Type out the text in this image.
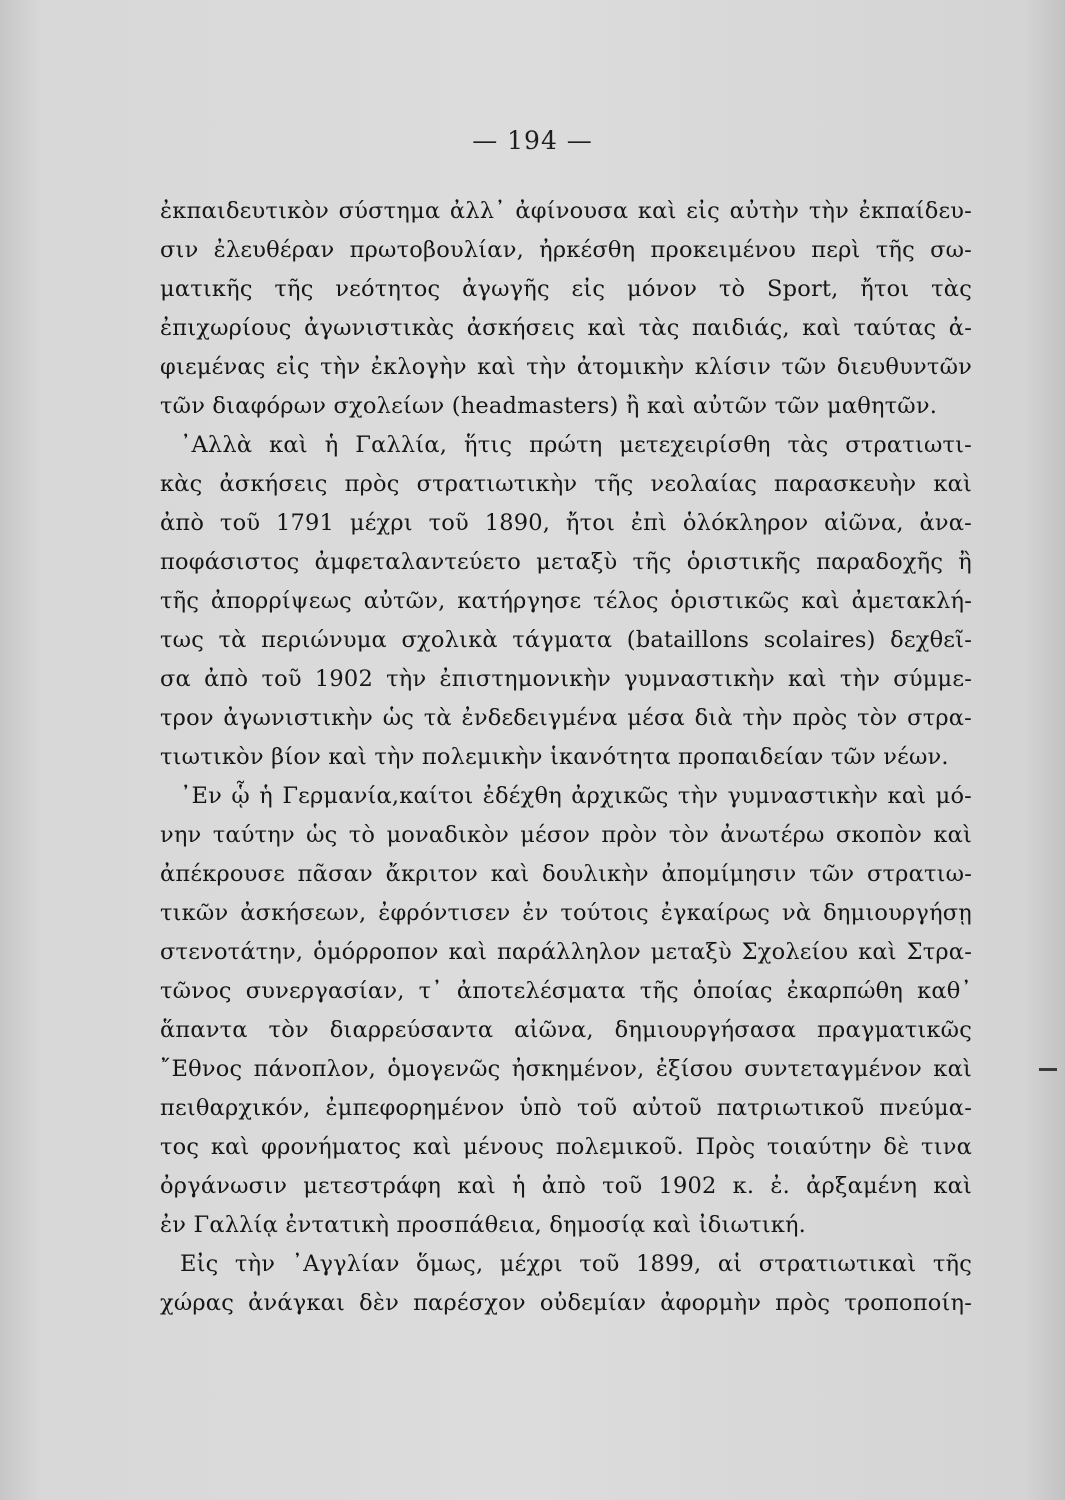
— 194 —
ἐκπαιδευτικὸν σύστημα ἀλλ᾽ ἀφίνουσα καὶ εἰς αὐτὴν τὴν ἐκπαίδευ-
σιν ἐλευθέραν πρωτοβουλίαν, ἠρκέσθη προκειμένου περὶ τῆς σω-
ματικῆς τῆς νεότητος ἀγωγῆς εἰς μόνον τὸ Sport, ἤτοι τὰς
ἐπιχωρίους ἀγωνιστικὰς ἀσκήσεις καὶ τὰς παιδιάς, καὶ ταύτας ἀ-
φιεμένας εἰς τὴν ἐκλογὴν καὶ τὴν ἀτομικὴν κλίσιν τῶν διευθυντῶν
τῶν διαφόρων σχολείων (headmasters) ἢ καὶ αὐτῶν τῶν μαθητῶν.
᾽Αλλὰ καὶ ἡ Γαλλία, ἥτις πρώτη μετεχειρίσθη τὰς στρατιωτι-
κὰς ἀσκήσεις πρὸς στρατιωτικὴν τῆς νεολαίας παρασκευὴν καὶ
ἀπὸ τοῦ 1791 μέχρι τοῦ 1890, ἤτοι ἐπὶ ὁλόκληρον αἰῶνα, ἀνα-
ποφάσιστος ἀμφεταλαντεύετο μεταξὺ τῆς ὁριστικῆς παραδοχῆς ἢ
τῆς ἀπορρίψεως αὐτῶν, κατήργησε τέλος ὁριστικῶς καὶ ἀμετακλή-
τως τὰ περιώνυμα σχολικὰ τάγματα (bataillons scolaires) δεχθεῖ-
σα ἀπὸ τοῦ 1902 τὴν ἐπιστημονικὴν γυμναστικὴν καὶ τὴν σύμμε-
τρον ἀγωνιστικὴν ὡς τὰ ἐνδεδειγμένα μέσα διὰ τὴν πρὸς τὸν στρα-
τιωτικὸν βίον καὶ τὴν πολεμικὴν ἱκανότητα προπαιδείαν τῶν νέων.
᾽Εν ᾧ ἡ Γερμανία,καίτοι ἐδέχθη ἀρχικῶς τὴν γυμναστικὴν καὶ μό-
νην ταύτην ὡς τὸ μοναδικὸν μέσον πρὸν τὸν ἀνωτέρω σκοπὸν καὶ
ἀπέκρουσε πᾶσαν ἄκριτον καὶ δουλικὴν ἀπομίμησιν τῶν στρατιω-
τικῶν ἀσκήσεων, ἐφρόντισεν ἐν τούτοις ἐγκαίρως νὰ δημιουργήσῃ
στενοτάτην, ὁμόρροπον καὶ παράλληλον μεταξὺ Σχολείου καὶ Στρα-
τῶνος συνεργασίαν, τ᾽ ἀποτελέσματα τῆς ὁποίας ἐκαρπώθη καθ᾽
ἅπαντα τὸν διαρρεύσαντα αἰῶνα, δημιουργήσασα πραγματικῶς
῎Εθνος πάνοπλον, ὁμογενῶς ἠσκημένον, ἐξίσου συντεταγμένον καὶ
πειθαρχικόν, ἐμπεφορημένον ὑπὸ τοῦ αὐτοῦ πατριωτικοῦ πνεύμα-
τος καὶ φρονήματος καὶ μένους πολεμικοῦ. Πρὸς τοιαύτην δὲ τινα
ὀργάνωσιν μετεστράφη καὶ ἡ ἀπὸ τοῦ 1902 κ. ἐ. ἀρξαμένη καὶ
ἐν Γαλλίᾳ ἐντατικὴ προσπάθεια, δημοσίᾳ καὶ ἰδιωτική.
Εἰς τὴν ᾽Αγγλίαν ὅμως, μέχρι τοῦ 1899, αἱ στρατιωτικαὶ τῆς
χώρας ἀνάγκαι δὲν παρέσχον οὐδεμίαν ἀφορμὴν πρὸς τροποποίη-
